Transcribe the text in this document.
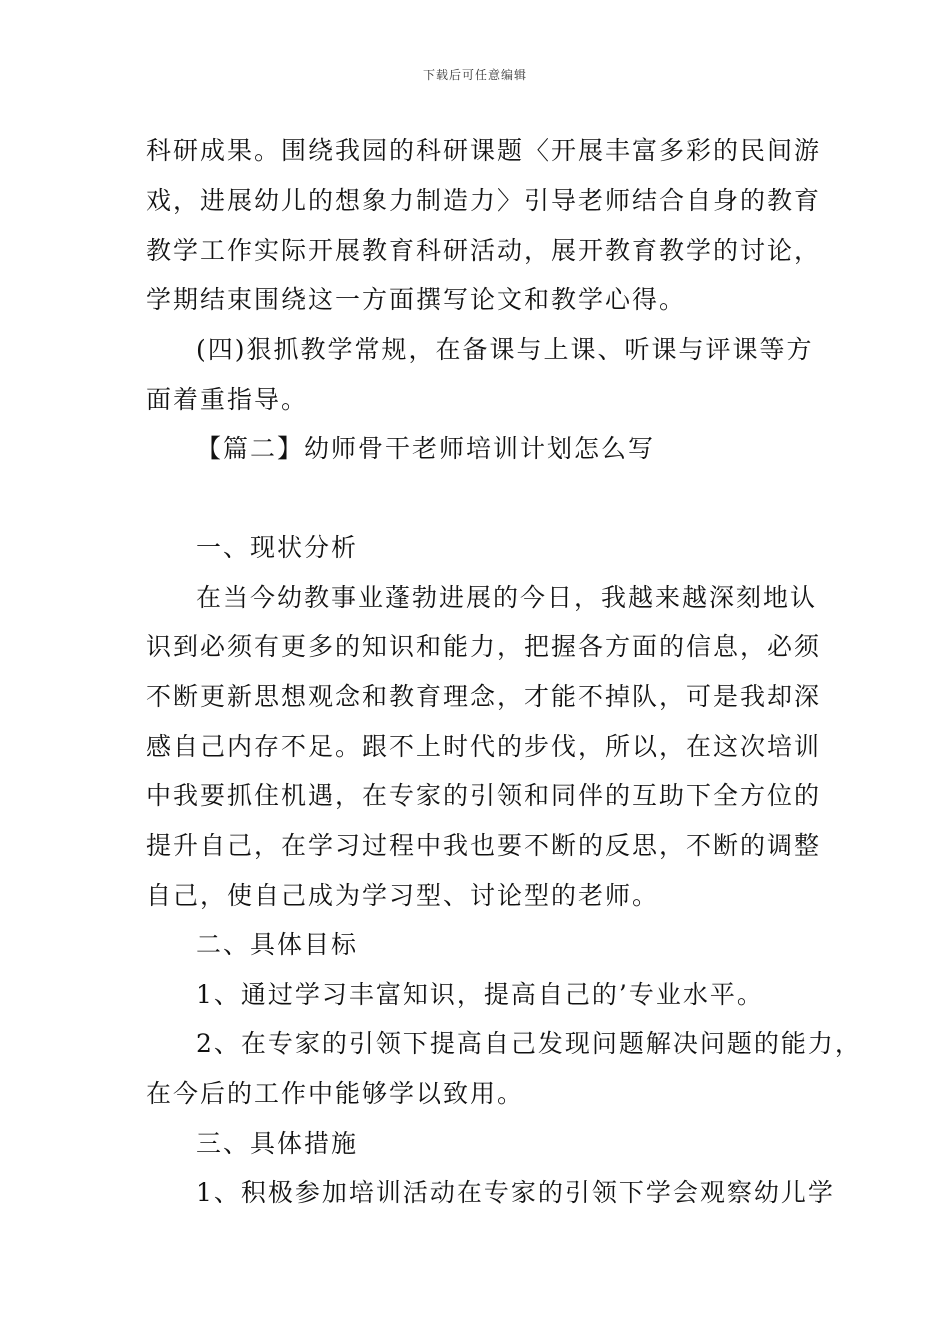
下载后可任意编辑
科研成果。围绕我园的科研课题〈开展丰富多彩的民间游
戏，进展幼儿的想象力制造力〉引导老师结合自身的教育
教学工作实际开展教育科研活动，展开教育教学的讨论，
学期结束围绕这一方面撰写论文和教学心得。
(四)狠抓教学常规，在备课与上课、听课与评课等方
面着重指导。
【篇二】幼师骨干老师培训计划怎么写
一、现状分析
在当今幼教事业蓬勃进展的今日，我越来越深刻地认
识到必须有更多的知识和能力，把握各方面的信息，必须
不断更新思想观念和教育理念，才能不掉队，可是我却深
感自己内存不足。跟不上时代的步伐，所以，在这次培训
中我要抓住机遇，在专家的引领和同伴的互助下全方位的
提升自己，在学习过程中我也要不断的反思，不断的调整
自己，使自己成为学习型、讨论型的老师。
二、具体目标
1、通过学习丰富知识，提高自己的’专业水平。
2、在专家的引领下提高自己发现问题解决问题的能力，
在今后的工作中能够学以致用。
三、具体措施
1、积极参加培训活动在专家的引领下学会观察幼儿学
